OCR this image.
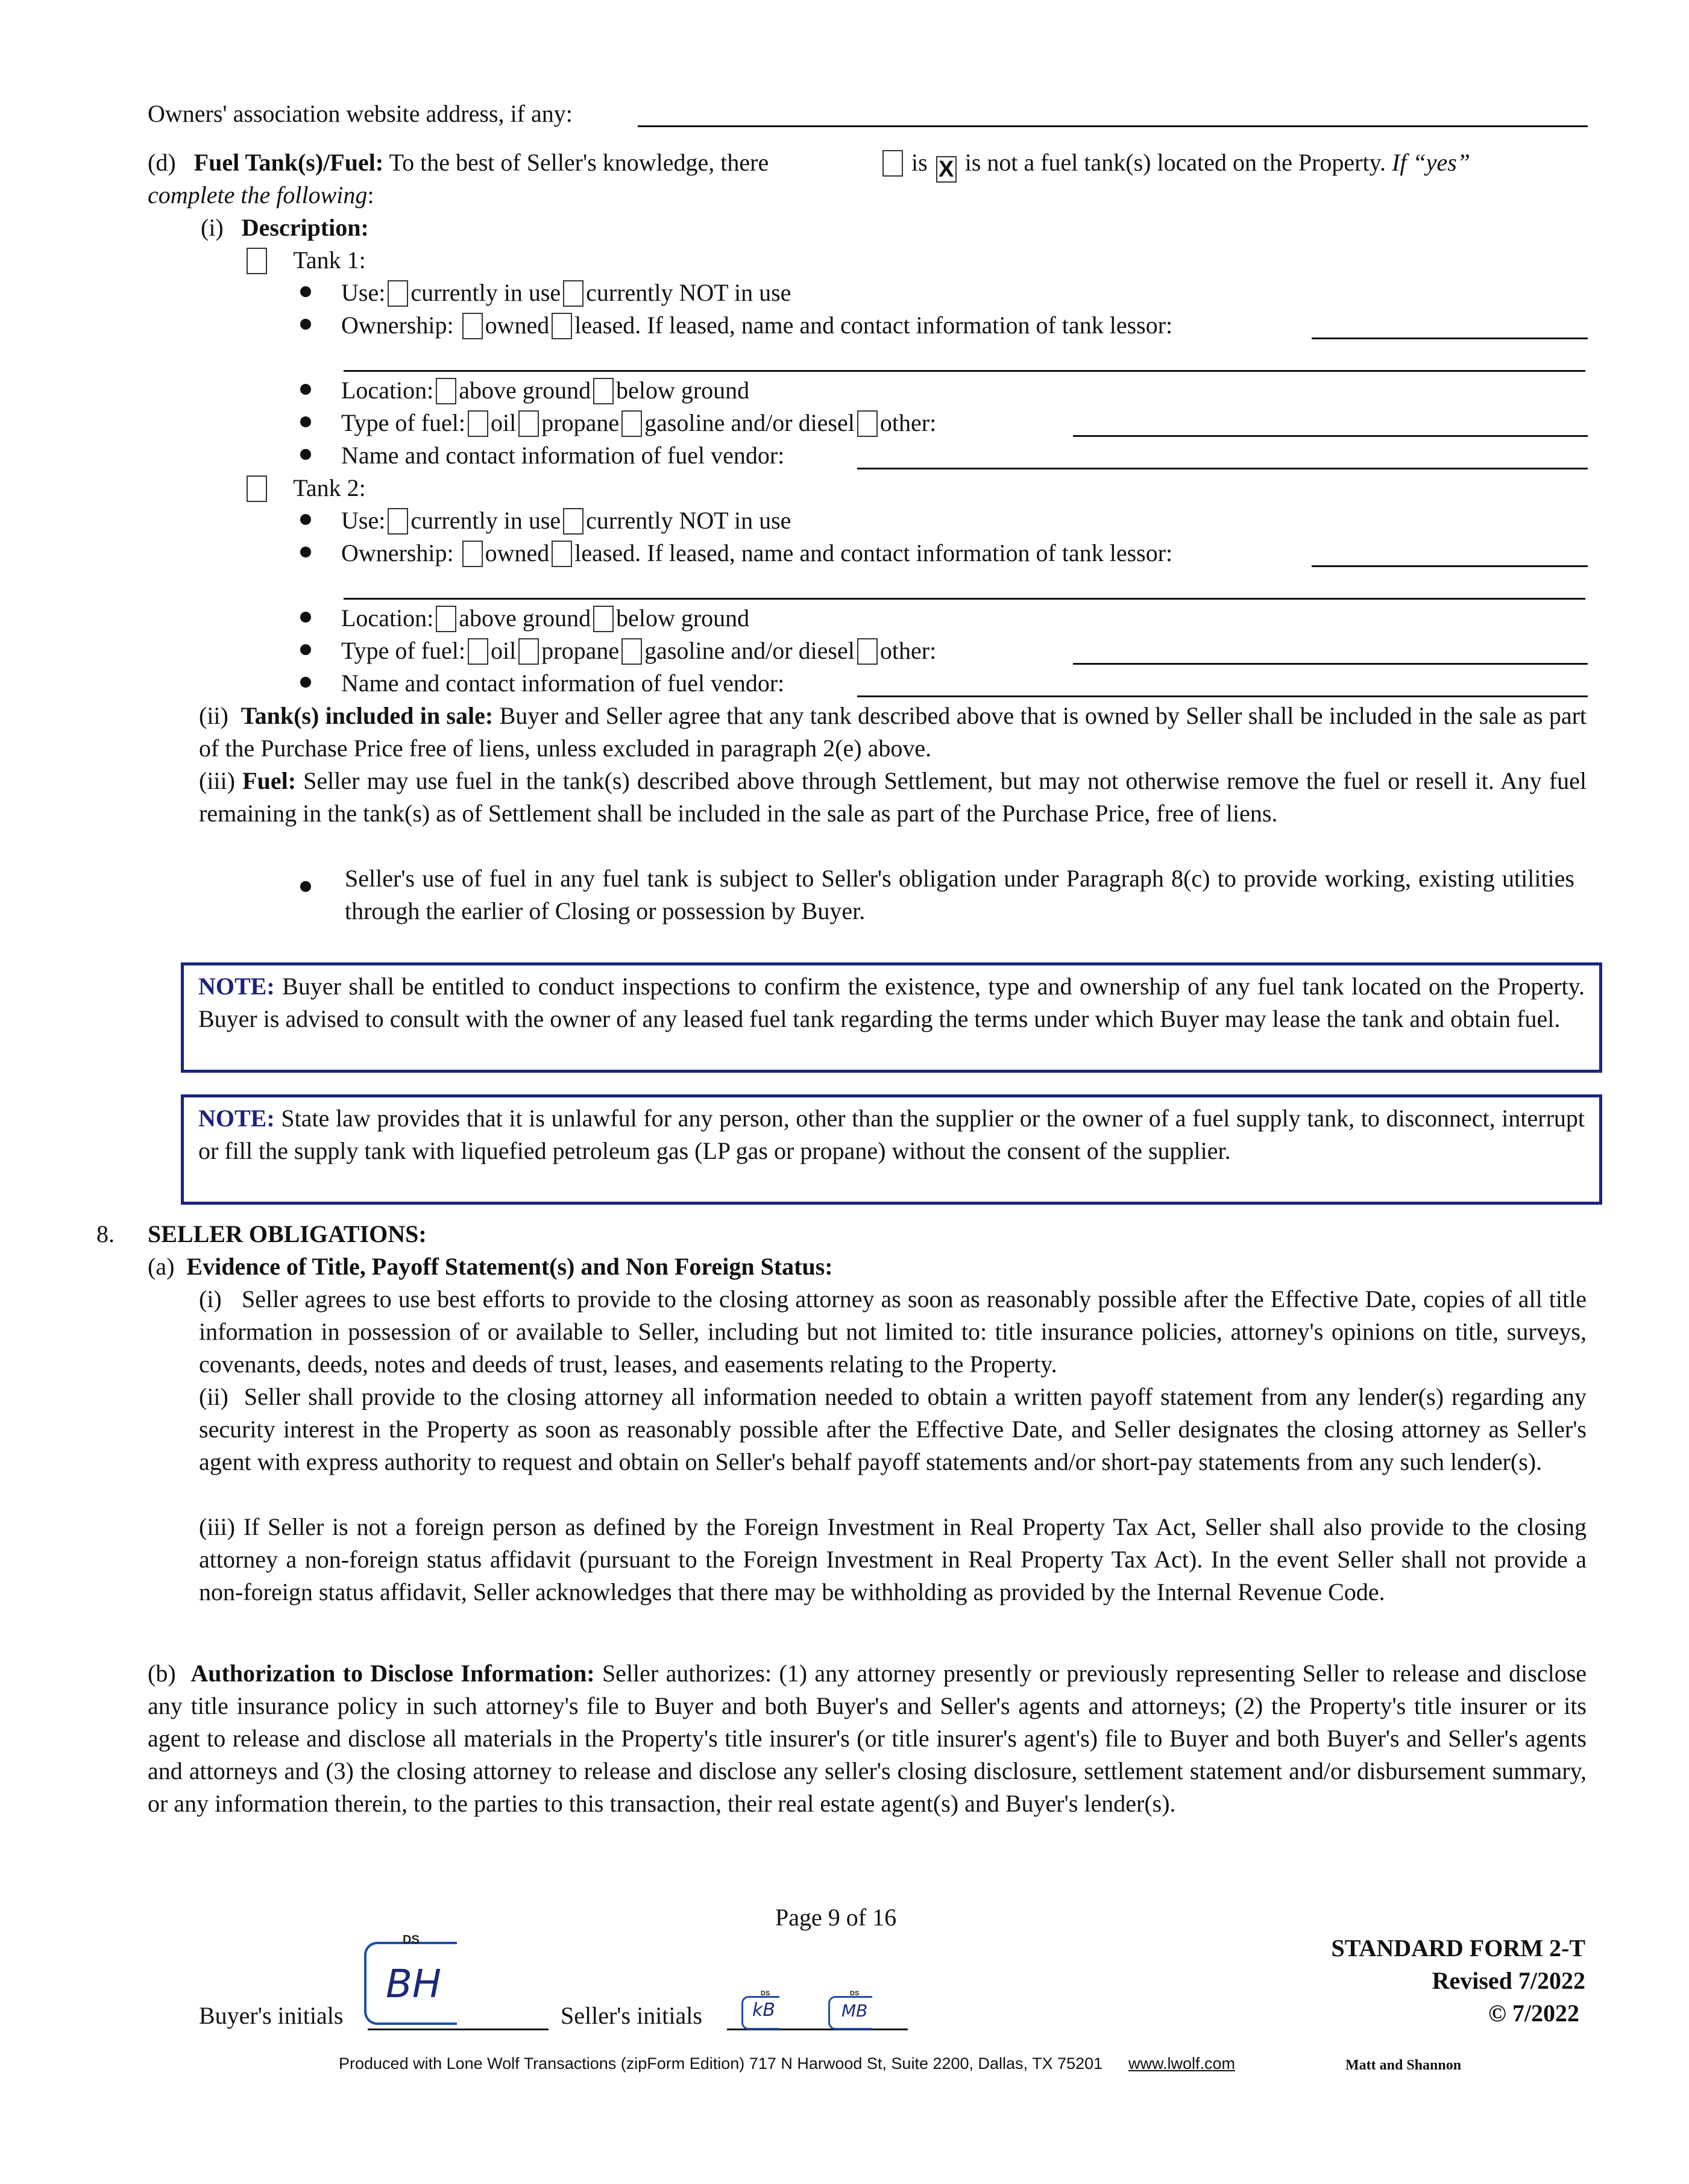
Owners' association website address, if any:
(d) Fuel Tank(s)/Fuel: To the best of Seller's knowledge, there	is X is not a fuel tank(s) located on the Property. If “yes”
complete the following:
(i) Description:
Tank 1:
Use: currently in use currently NOT in use
Ownership: owned leased. If leased, name and contact information of tank lessor:
Location: above ground below ground
Type of fuel: oil propane gasoline and/or diesel other:
Name and contact information of fuel vendor:
Tank 2:
Use: currently in use currently NOT in use
Ownership: owned leased. If leased, name and contact information of tank lessor:
Location: above ground below ground
Type of fuel: oil propane gasoline and/or diesel other:
Name and contact information of fuel vendor:
(ii) Tank(s) included in sale: Buyer and Seller agree that any tank described above that is owned by Seller shall be included in the sale as part of the Purchase Price free of liens, unless excluded in paragraph 2(e) above.
(iii) Fuel: Seller may use fuel in the tank(s) described above through Settlement, but may not otherwise remove the fuel or resell it. Any fuel remaining in the tank(s) as of Settlement shall be included in the sale as part of the Purchase Price, free of liens.
Seller's use of fuel in any fuel tank is subject to Seller's obligation under Paragraph 8(c) to provide working, existing utilities through the earlier of Closing or possession by Buyer.
NOTE: Buyer shall be entitled to conduct inspections to confirm the existence, type and ownership of any fuel tank located on the Property. Buyer is advised to consult with the owner of any leased fuel tank regarding the terms under which Buyer may lease the tank and obtain fuel.
NOTE: State law provides that it is unlawful for any person, other than the supplier or the owner of a fuel supply tank, to disconnect, interrupt or fill the supply tank with liquefied petroleum gas (LP gas or propane) without the consent of the supplier.
8. SELLER OBLIGATIONS:
(a) Evidence of Title, Payoff Statement(s) and Non Foreign Status:
(i) Seller agrees to use best efforts to provide to the closing attorney as soon as reasonably possible after the Effective Date, copies of all title information in possession of or available to Seller, including but not limited to: title insurance policies, attorney's opinions on title, surveys, covenants, deeds, notes and deeds of trust, leases, and easements relating to the Property.
(ii) Seller shall provide to the closing attorney all information needed to obtain a written payoff statement from any lender(s) regarding any security interest in the Property as soon as reasonably possible after the Effective Date, and Seller designates the closing attorney as Seller's agent with express authority to request and obtain on Seller's behalf payoff statements and/or short-pay statements from any such lender(s).
(iii) If Seller is not a foreign person as defined by the Foreign Investment in Real Property Tax Act, Seller shall also provide to the closing attorney a non-foreign status affidavit (pursuant to the Foreign Investment in Real Property Tax Act). In the event Seller shall not provide a non-foreign status affidavit, Seller acknowledges that there may be withholding as provided by the Internal Revenue Code.
(b) Authorization to Disclose Information: Seller authorizes: (1) any attorney presently or previously representing Seller to release and disclose any title insurance policy in such attorney's file to Buyer and both Buyer's and Seller's agents and attorneys; (2) the Property's title insurer or its agent to release and disclose all materials in the Property's title insurer's (or title insurer's agent's) file to Buyer and both Buyer's and Seller's agents and attorneys and (3) the closing attorney to release and disclose any seller's closing disclosure, settlement statement and/or disbursement summary, or any information therein, to the parties to this transaction, their real estate agent(s) and Buyer's lender(s).
Page 9 of 16
STANDARD FORM 2-T
Revised 7/2022
© 7/2022
Buyer's initials
DS
BH
Seller's initials
DS
kB
DS
MB
Produced with Lone Wolf Transactions (zipForm Edition) 717 N Harwood St, Suite 2200, Dallas, TX 75201 www.lwolf.com	Matt and Shannon
